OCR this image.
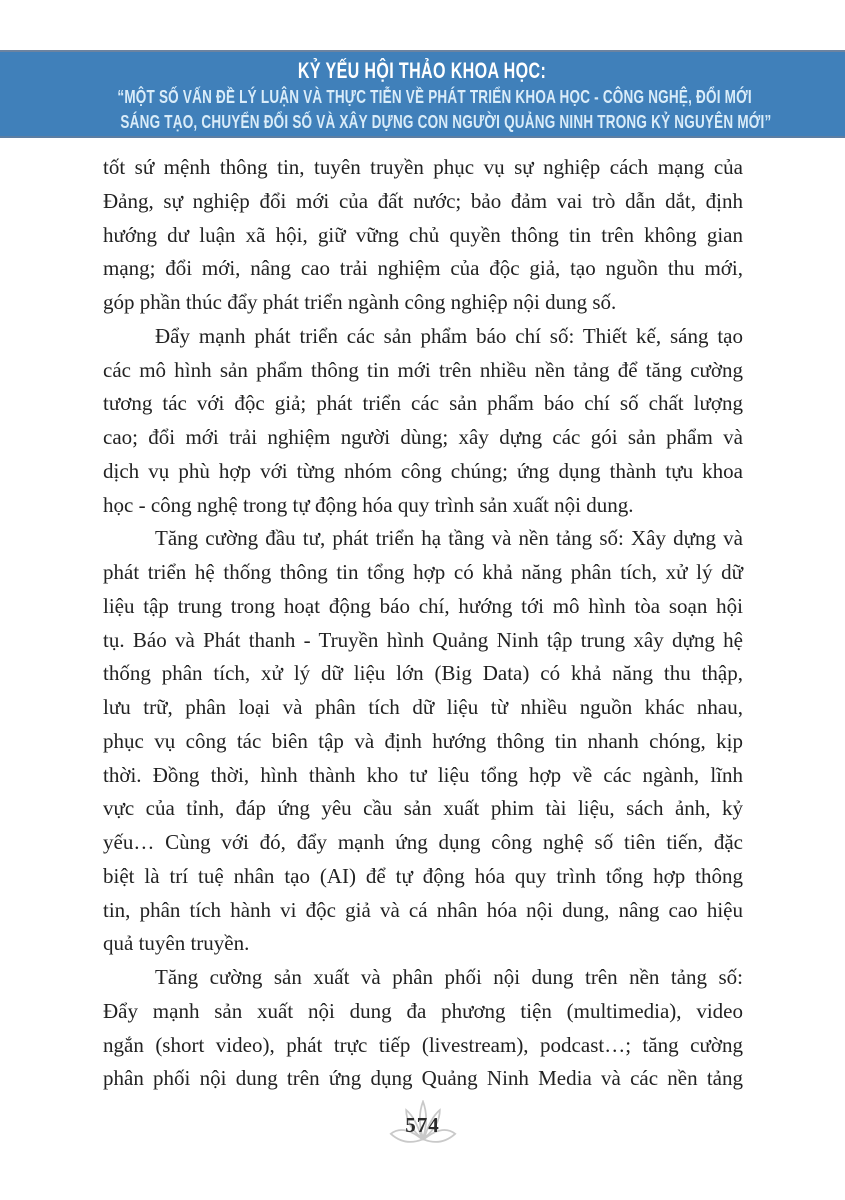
KỶ YẾU HỘI THẢO KHOA HỌC:
“MỘT SỐ VẤN ĐỀ LÝ LUẬN VÀ THỰC TIỄN VỀ PHÁT TRIỂN KHOA HỌC - CÔNG NGHỆ, ĐỔI MỚI
SÁNG TẠO, CHUYỂN ĐỔI SỐ VÀ XÂY DỰNG CON NGƯỜI QUẢNG NINH TRONG KỶ NGUYÊN MỚI”
tốt sứ mệnh thông tin, tuyên truyền phục vụ sự nghiệp cách mạng của
Đảng, sự nghiệp đổi mới của đất nước; bảo đảm vai trò dẫn dắt, định
hướng dư luận xã hội, giữ vững chủ quyền thông tin trên không gian
mạng; đổi mới, nâng cao trải nghiệm của độc giả, tạo nguồn thu mới,
góp phần thúc đẩy phát triển ngành công nghiệp nội dung số.
Đẩy mạnh phát triển các sản phẩm báo chí số: Thiết kế, sáng tạo
các mô hình sản phẩm thông tin mới trên nhiều nền tảng để tăng cường
tương tác với độc giả; phát triển các sản phẩm báo chí số chất lượng
cao; đổi mới trải nghiệm người dùng; xây dựng các gói sản phẩm và
dịch vụ phù hợp với từng nhóm công chúng; ứng dụng thành tựu khoa
học - công nghệ trong tự động hóa quy trình sản xuất nội dung.
Tăng cường đầu tư, phát triển hạ tầng và nền tảng số: Xây dựng và
phát triển hệ thống thông tin tổng hợp có khả năng phân tích, xử lý dữ
liệu tập trung trong hoạt động báo chí, hướng tới mô hình tòa soạn hội
tụ. Báo và Phát thanh - Truyền hình Quảng Ninh tập trung xây dựng hệ
thống phân tích, xử lý dữ liệu lớn (Big Data) có khả năng thu thập,
lưu trữ, phân loại và phân tích dữ liệu từ nhiều nguồn khác nhau,
phục vụ công tác biên tập và định hướng thông tin nhanh chóng, kịp
thời. Đồng thời, hình thành kho tư liệu tổng hợp về các ngành, lĩnh
vực của tỉnh, đáp ứng yêu cầu sản xuất phim tài liệu, sách ảnh, kỷ
yếu… Cùng với đó, đẩy mạnh ứng dụng công nghệ số tiên tiến, đặc
biệt là trí tuệ nhân tạo (AI) để tự động hóa quy trình tổng hợp thông
tin, phân tích hành vi độc giả và cá nhân hóa nội dung, nâng cao hiệu
quả tuyên truyền.
Tăng cường sản xuất và phân phối nội dung trên nền tảng số:
Đẩy mạnh sản xuất nội dung đa phương tiện (multimedia), video
ngắn (short video), phát trực tiếp (livestream), podcast…; tăng cường
phân phối nội dung trên ứng dụng Quảng Ninh Media và các nền tảng
574
